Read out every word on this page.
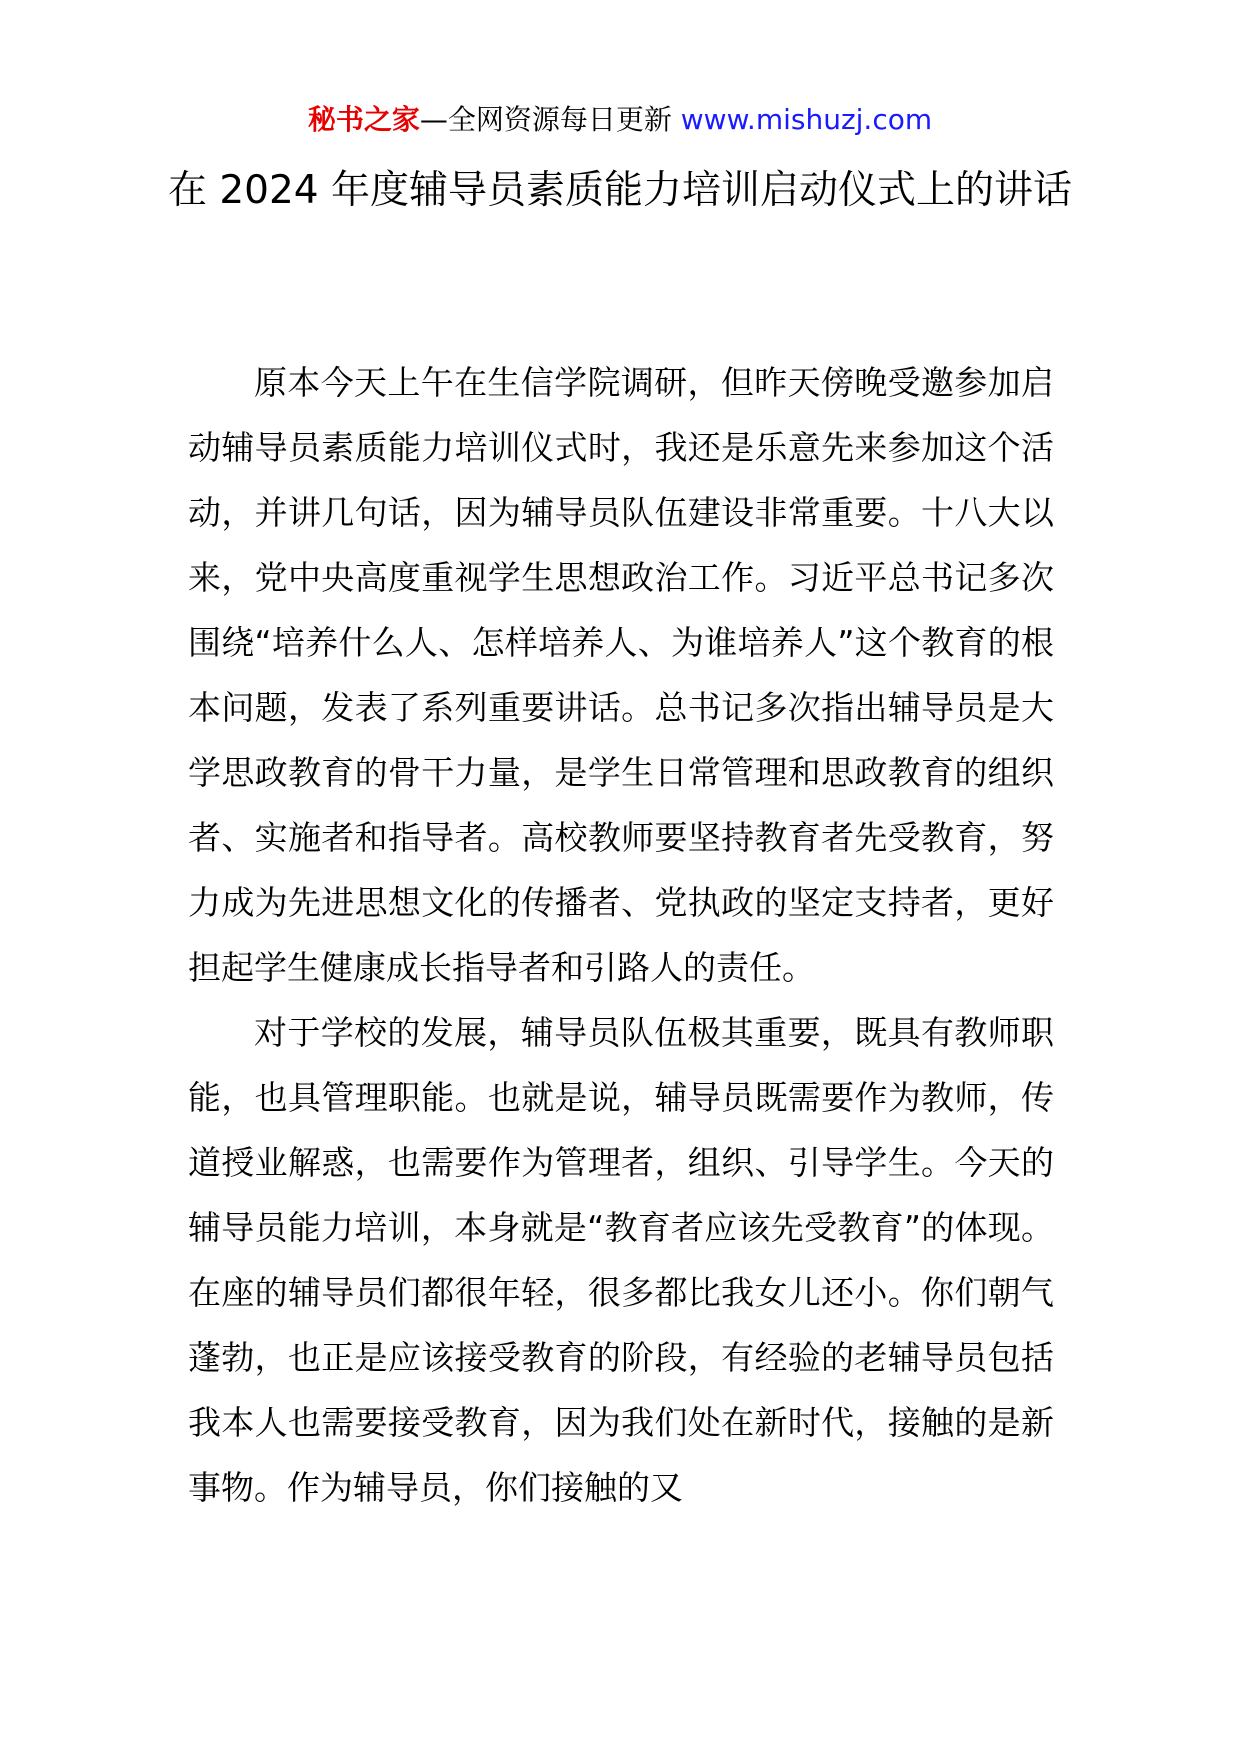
秘书之家—全网资源每日更新 www.mishuzj.com
在 2024 年度辅导员素质能力培训启动仪式上的讲话

原本今天上午在生信学院调研，但昨天傍晚受邀参加启动辅导员素质能力培训仪式时，我还是乐意先来参加这个活动，并讲几句话，因为辅导员队伍建设非常重要。十八大以来，党中央高度重视学生思想政治工作。习近平总书记多次围绕“培养什么人、怎样培养人、为谁培养人”这个教育的根本问题，发表了系列重要讲话。总书记多次指出辅导员是大学思政教育的骨干力量，是学生日常管理和思政教育的组织者、实施者和指导者。高校教师要坚持教育者先受教育，努力成为先进思想文化的传播者、党执政的坚定支持者，更好担起学生健康成长指导者和引路人的责任。

对于学校的发展，辅导员队伍极其重要，既具有教师职能，也具管理职能。也就是说，辅导员既需要作为教师，传道授业解惑，也需要作为管理者，组织、引导学生。今天的辅导员能力培训，本身就是“教育者应该先受教育”的体现。在座的辅导员们都很年轻，很多都比我女儿还小。你们朝气蓬勃，也正是应该接受教育的阶段，有经验的老辅导员包括我本人也需要接受教育，因为我们处在新时代，接触的是新事物。作为辅导员，你们接触的又
